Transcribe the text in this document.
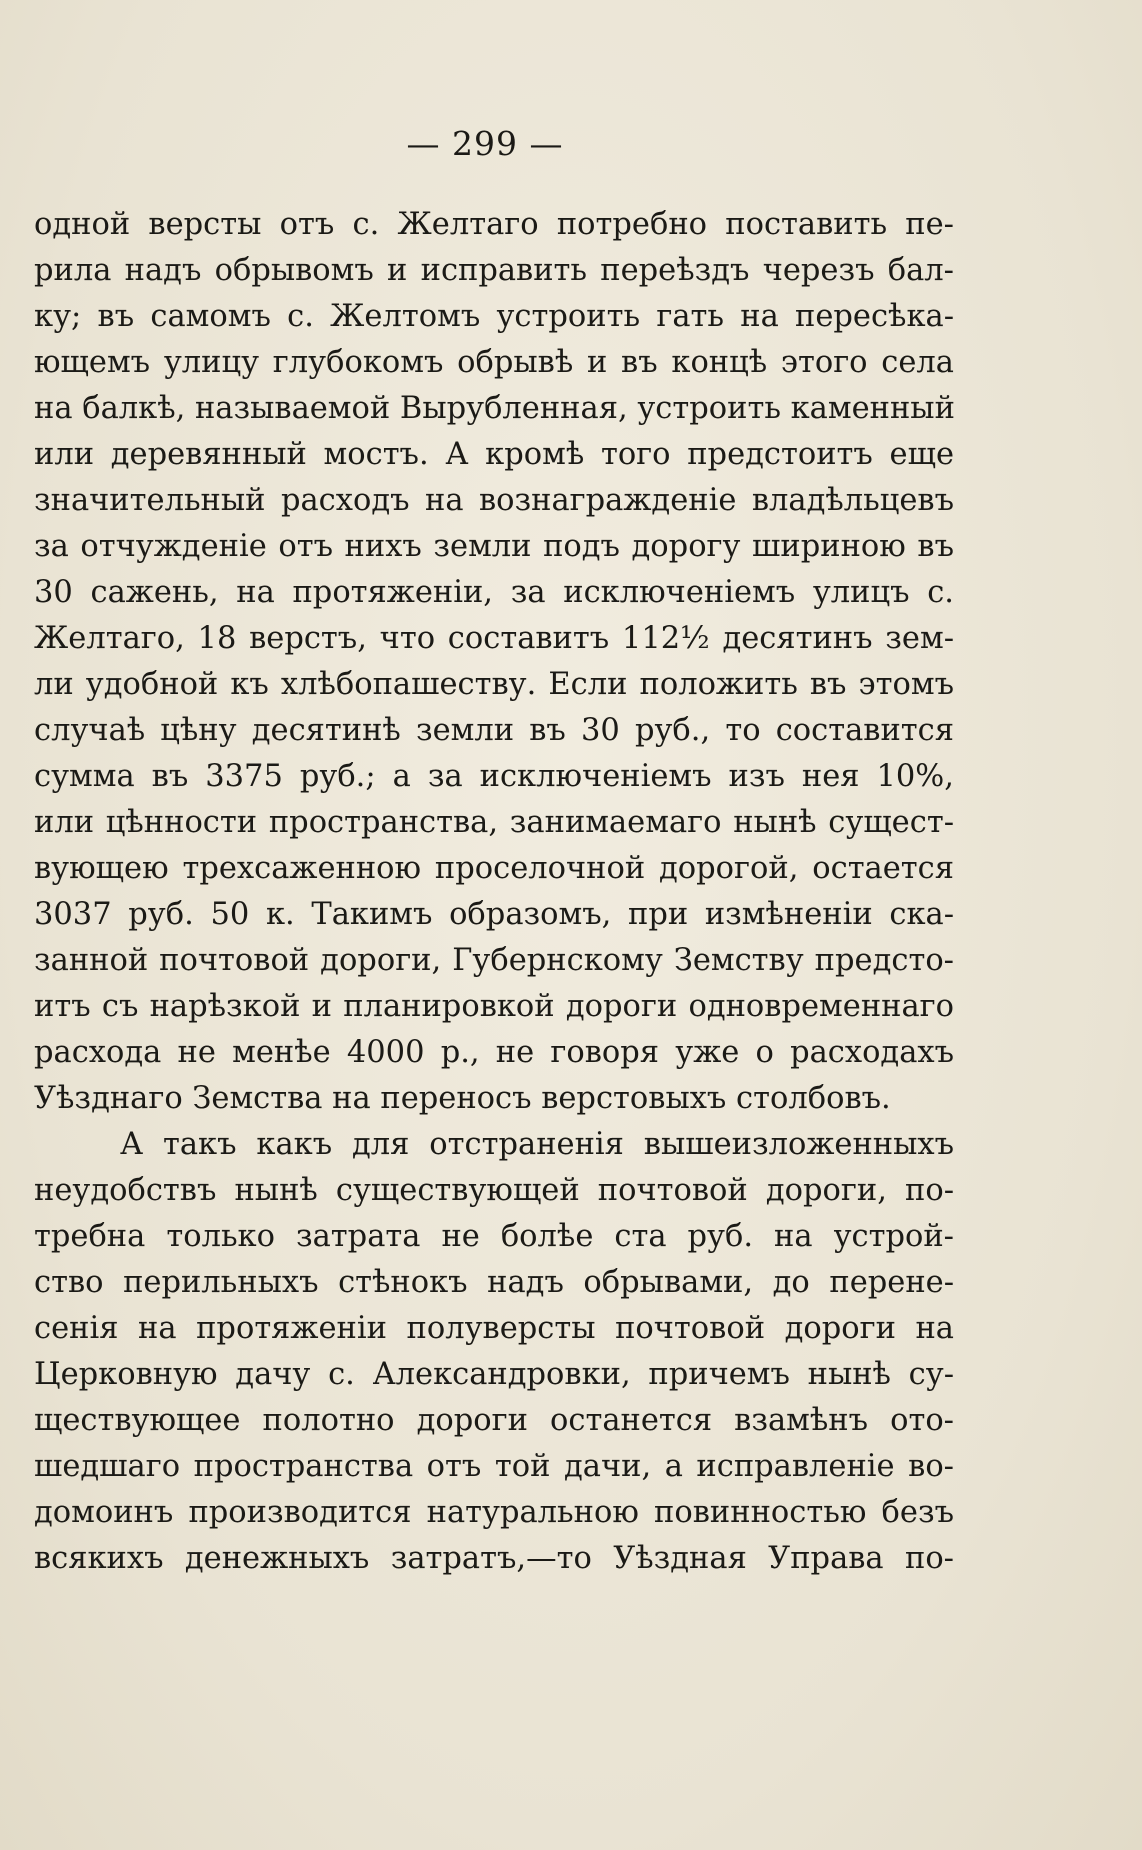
— 299 —
одной версты отъ с. Желтаго потребно поставить пе-
рила надъ обрывомъ и исправить переѣздъ черезъ бал-
ку; въ самомъ с. Желтомъ устроить гать на пересѣка-
ющемъ улицу глубокомъ обрывѣ и въ концѣ этого села
на балкѣ, называемой Вырубленная, устроить каменный
или деревянный мостъ. А кромѣ того предстоитъ еще
значительный расходъ на вознагражденіе владѣльцевъ
за отчужденіе отъ нихъ земли подъ дорогу шириною въ
30 сажень, на протяженіи, за исключеніемъ улицъ с.
Желтаго, 18 верстъ, что составитъ 112½ десятинъ зем-
ли удобной къ хлѣбопашеству. Если положить въ этомъ
случаѣ цѣну десятинѣ земли въ 30 руб., то составится
сумма въ 3375 руб.; а за исключеніемъ изъ нея 10%,
или цѣнности пространства, занимаемаго нынѣ сущест-
вующею трехсаженною проселочной дорогой, остается
3037 руб. 50 к. Такимъ образомъ, при измѣненіи ска-
занной почтовой дороги, Губернскому Земству предсто-
итъ съ нарѣзкой и планировкой дороги одновременнаго
расхода не менѣе 4000 р., не говоря уже о расходахъ
Уѣзднаго Земства на переносъ верстовыхъ столбовъ.
А такъ какъ для отстраненія вышеизложенныхъ
неудобствъ нынѣ существующей почтовой дороги, по-
требна только затрата не болѣе ста руб. на устрой-
ство перильныхъ стѣнокъ надъ обрывами, до перене-
сенія на протяженіи полуверсты почтовой дороги на
Церковную дачу с. Александровки, причемъ нынѣ су-
ществующее полотно дороги останется взамѣнъ ото-
шедшаго пространства отъ той дачи, а исправленіе во-
домоинъ производится натуральною повинностью безъ
всякихъ денежныхъ затратъ,—то Уѣздная Управа по-
